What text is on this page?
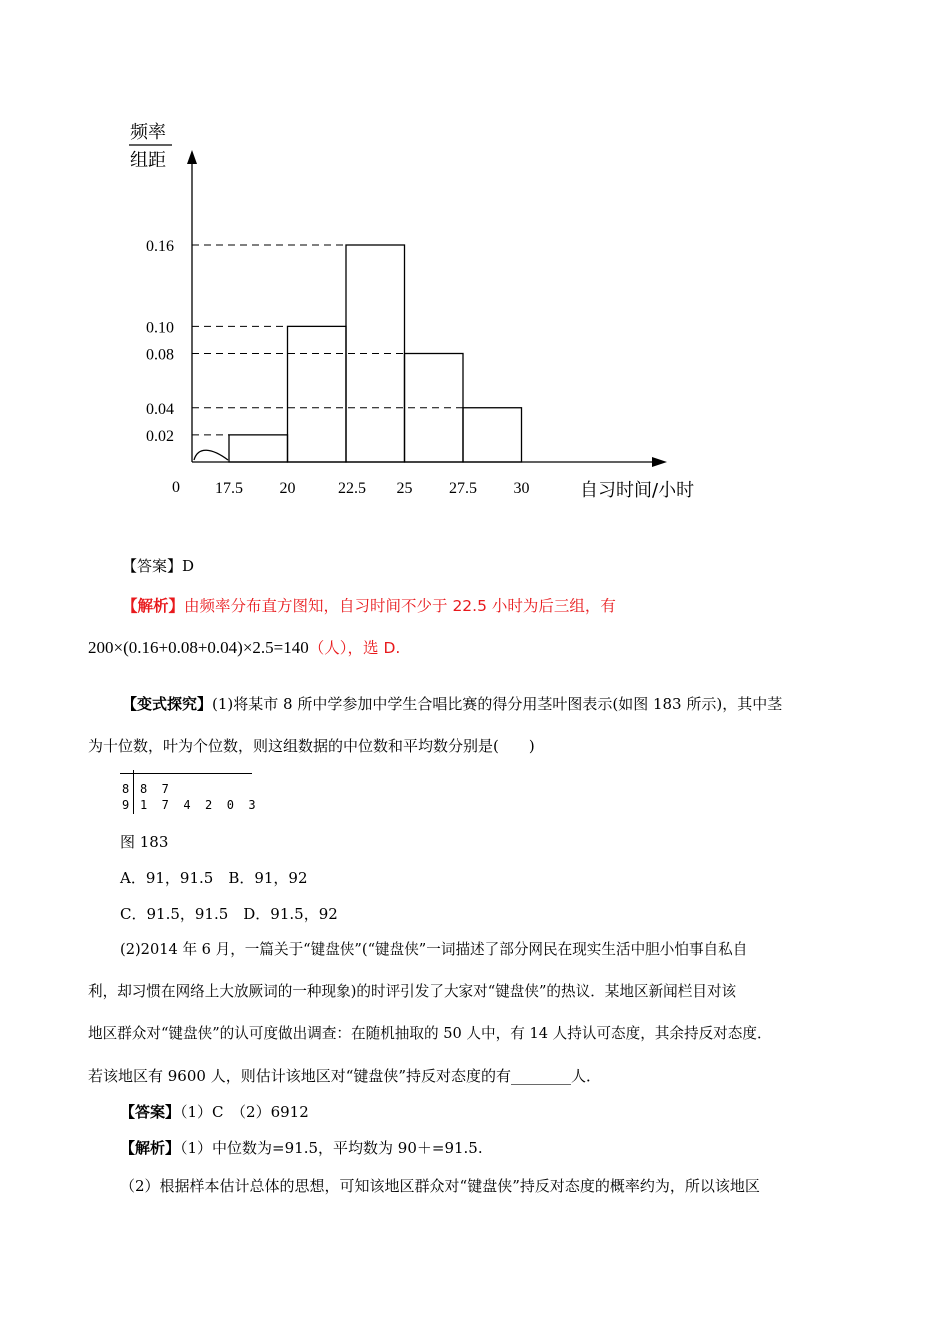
频率
组距
0.16
0.10
0.08
0.04
0.02
17.5 20	22.5 25 27.5 30
0	自习时间/小时
【答案】D
【解析】由频率分布直方图知，自习时间不少于 22.5 小时为后三组，有
200×(0.16+0.08+0.04)×2.5=140（人），选 D.
【变式探究】(1)将某市 8 所中学参加中学生合唱比赛的得分用茎叶图表示(如图 183 所示)，其中茎
为十位数，叶为个位数，则这组数据的中位数和平均数分别是(　　)
8 8  7
9 1  7  4  2  0  3
图 183
A．91，91.5　B．91，92
C．91.5，91.5　D．91.5，92
(2)2014 年 6 月，一篇关于“键盘侠”(“键盘侠”一词描述了部分网民在现实生活中胆小怕事自私自
利，却习惯在网络上大放厥词的一种现象)的时评引发了大家对“键盘侠”的热议．某地区新闻栏目对该
地区群众对“键盘侠”的认可度做出调查：在随机抽取的 50 人中，有 14 人持认可态度，其余持反对态度．
若该地区有 9600 人，则估计该地区对“键盘侠”持反对态度的有________人．
【答案】（1）C　（2）6912
【解析】（1）中位数为=91.5，平均数为 90＋=91.5.
（2）根据样本估计总体的思想，可知该地区群众对“键盘侠”持反对态度的概率约为，所以该地区
